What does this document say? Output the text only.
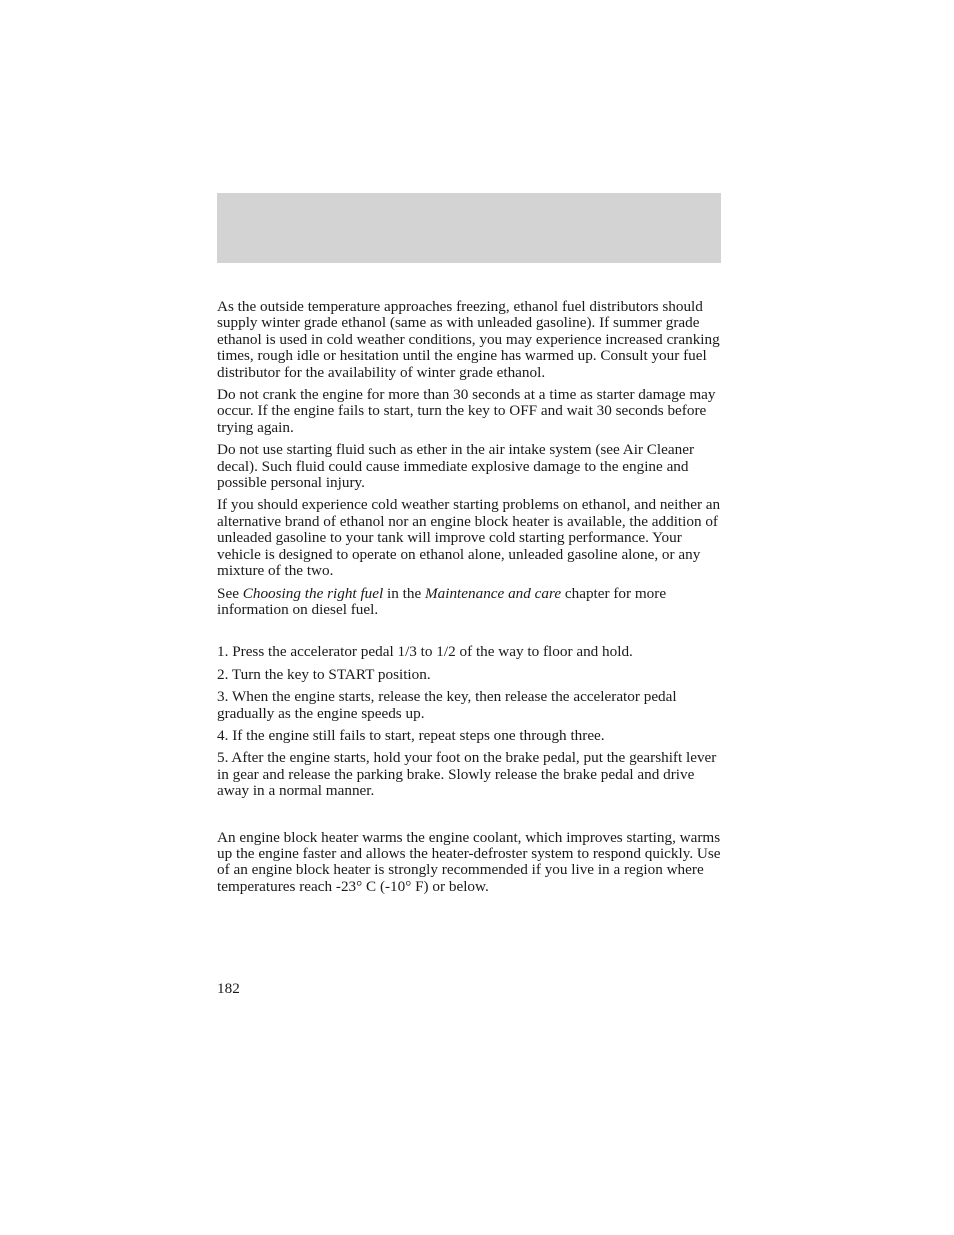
As the outside temperature approaches freezing, ethanol fuel distributors should supply winter grade ethanol (same as with unleaded gasoline). If summer grade ethanol is used in cold weather conditions, you may experience increased cranking times, rough idle or hesitation until the engine has warmed up. Consult your fuel distributor for the availability of winter grade ethanol.

Do not crank the engine for more than 30 seconds at a time as starter damage may occur. If the engine fails to start, turn the key to OFF and wait 30 seconds before trying again.

Do not use starting fluid such as ether in the air intake system (see Air Cleaner decal). Such fluid could cause immediate explosive damage to the engine and possible personal injury.

If you should experience cold weather starting problems on ethanol, and neither an alternative brand of ethanol nor an engine block heater is available, the addition of unleaded gasoline to your tank will improve cold starting performance. Your vehicle is designed to operate on ethanol alone, unleaded gasoline alone, or any mixture of the two.

See Choosing the right fuel in the Maintenance and care chapter for more information on diesel fuel.

1. Press the accelerator pedal 1/3 to 1/2 of the way to floor and hold.

2. Turn the key to START position.

3. When the engine starts, release the key, then release the accelerator pedal gradually as the engine speeds up.

4. If the engine still fails to start, repeat steps one through three.

5. After the engine starts, hold your foot on the brake pedal, put the gearshift lever in gear and release the parking brake. Slowly release the brake pedal and drive away in a normal manner.

An engine block heater warms the engine coolant, which improves starting, warms up the engine faster and allows the heater-defroster system to respond quickly. Use of an engine block heater is strongly recommended if you live in a region where temperatures reach -23° C (-10° F) or below.

182
